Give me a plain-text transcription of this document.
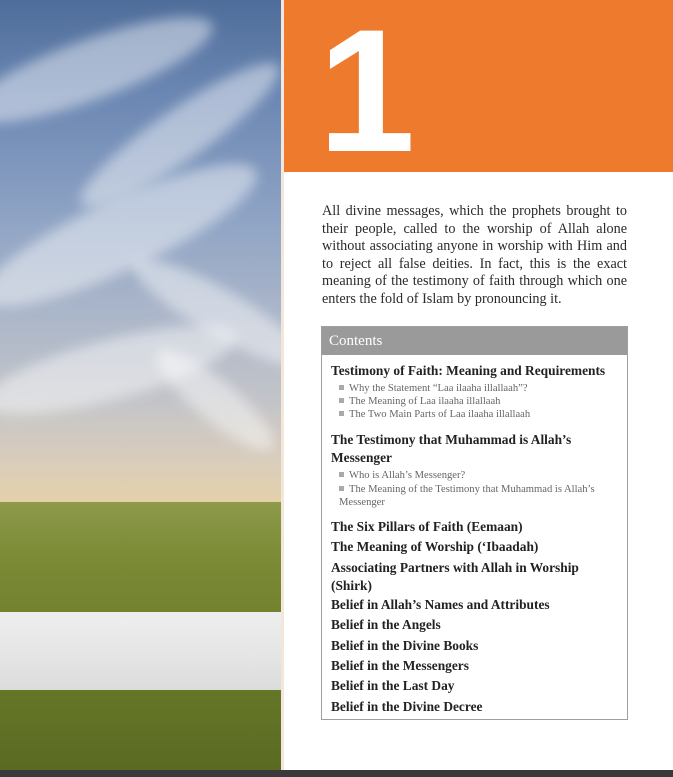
1
All divine messages, which the prophets brought to their people, called to the worship of Allah alone without associating anyone in worship with Him and to reject all false deities. In fact, this is the exact meaning of the testimony of faith through which one enters the fold of Islam by pronouncing it.
Contents
Testimony of Faith: Meaning and Requirements
Why the Statement “Laa ilaaha illallaah”?
The Meaning of Laa ilaaha illallaah
The Two Main Parts of Laa ilaaha illallaah
The Testimony that Muhammad is Allah’s Messenger
Who is Allah’s Messenger?
The Meaning of the Testimony that Muhammad is Allah’s Messenger
The Six Pillars of Faith (Eemaan)
The Meaning of Worship (‘Ibaadah)
Associating Partners with Allah in Worship (Shirk)
Belief in Allah’s Names and Attributes
Belief in the Angels
Belief in the Divine Books
Belief in the Messengers
Belief in the Last Day
Belief in the Divine Decree
